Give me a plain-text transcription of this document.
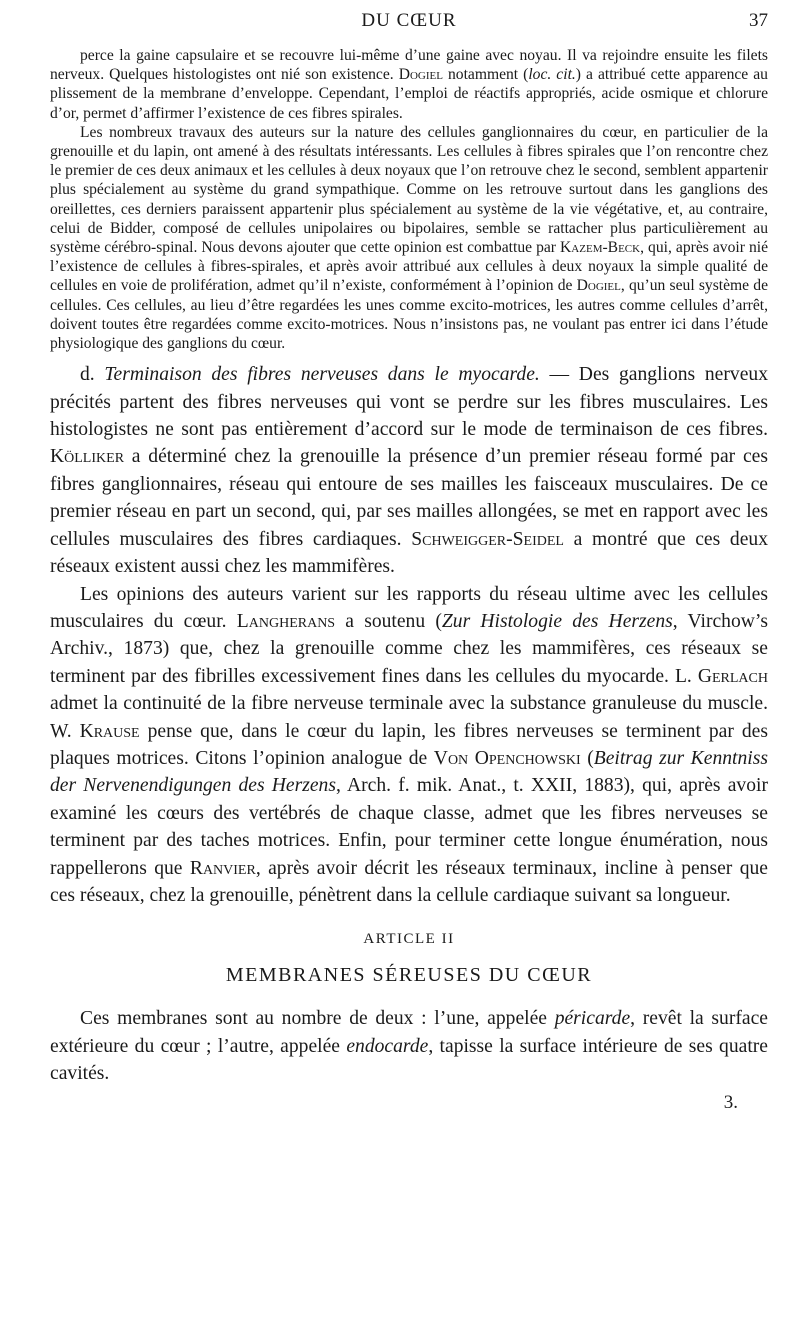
DU CŒUR	37

perce la gaine capsulaire et se recouvre lui-même d’une gaine avec noyau. Il va rejoindre ensuite les filets nerveux. Quelques histologistes ont nié son existence. Dogiel notamment (loc. cit.) a attribué cette apparence au plissement de la membrane d’enveloppe. Cependant, l’emploi de réactifs appropriés, acide osmique et chlorure d’or, permet d’affirmer l’existence de ces fibres spirales.

Les nombreux travaux des auteurs sur la nature des cellules ganglionnaires du cœur, en particulier de la grenouille et du lapin, ont amené à des résultats intéressants. Les cellules à fibres spirales que l’on rencontre chez le premier de ces deux animaux et les cellules à deux noyaux que l’on retrouve chez le second, semblent appartenir plus spécialement au système du grand sympathique. Comme on les retrouve surtout dans les ganglions des oreillettes, ces derniers paraissent appartenir plus spécialement au système de la vie végétative, et, au contraire, celui de Bidder, composé de cellules unipolaires ou bipolaires, semble se rattacher plus particulièrement au système cérébro-spinal. Nous devons ajouter que cette opinion est combattue par Kazem-Beck, qui, après avoir nié l’existence de cellules à fibres-spirales, et après avoir attribué aux cellules à deux noyaux la simple qualité de cellules en voie de prolifération, admet qu’il n’existe, conformément à l’opinion de Dogiel, qu’un seul système de cellules. Ces cellules, au lieu d’être regardées les unes comme excito-motrices, les autres comme cellules d’arrêt, doivent toutes être regardées comme excito-motrices. Nous n’insistons pas, ne voulant pas entrer ici dans l’étude physiologique des ganglions du cœur.

d. Terminaison des fibres nerveuses dans le myocarde. — Des ganglions nerveux précités partent des fibres nerveuses qui vont se perdre sur les fibres musculaires. Les histologistes ne sont pas entièrement d’accord sur le mode de terminaison de ces fibres. Kölliker a déterminé chez la grenouille la présence d’un premier réseau formé par ces fibres ganglionnaires, réseau qui entoure de ses mailles les faisceaux musculaires. De ce premier réseau en part un second, qui, par ses mailles allongées, se met en rapport avec les cellules musculaires des fibres cardiaques. Schweigger-Seidel a montré que ces deux réseaux existent aussi chez les mammifères.

Les opinions des auteurs varient sur les rapports du réseau ultime avec les cellules musculaires du cœur. Langherans a soutenu (Zur Histologie des Herzens, Virchow’s Archiv., 1873) que, chez la grenouille comme chez les mammifères, ces réseaux se terminent par des fibrilles excessivement fines dans les cellules du myocarde. L. Gerlach admet la continuité de la fibre nerveuse terminale avec la substance granuleuse du muscle. W. Krause pense que, dans le cœur du lapin, les fibres nerveuses se terminent par des plaques motrices. Citons l’opinion analogue de Von Openchowski (Beitrag zur Kenntniss der Nervenendigungen des Herzens, Arch. f. mik. Anat., t. XXII, 1883), qui, après avoir examiné les cœurs des vertébrés de chaque classe, admet que les fibres nerveuses se terminent par des taches motrices. Enfin, pour terminer cette longue énumération, nous rappellerons que Ranvier, après avoir décrit les réseaux terminaux, incline à penser que ces réseaux, chez la grenouille, pénètrent dans la cellule cardiaque suivant sa longueur.

ARTICLE II
MEMBRANES SÉREUSES DU CŒUR

Ces membranes sont au nombre de deux : l’une, appelée péricarde, revêt la surface extérieure du cœur ; l’autre, appelée endocarde, tapisse la surface intérieure de ses quatre cavités.

3.
